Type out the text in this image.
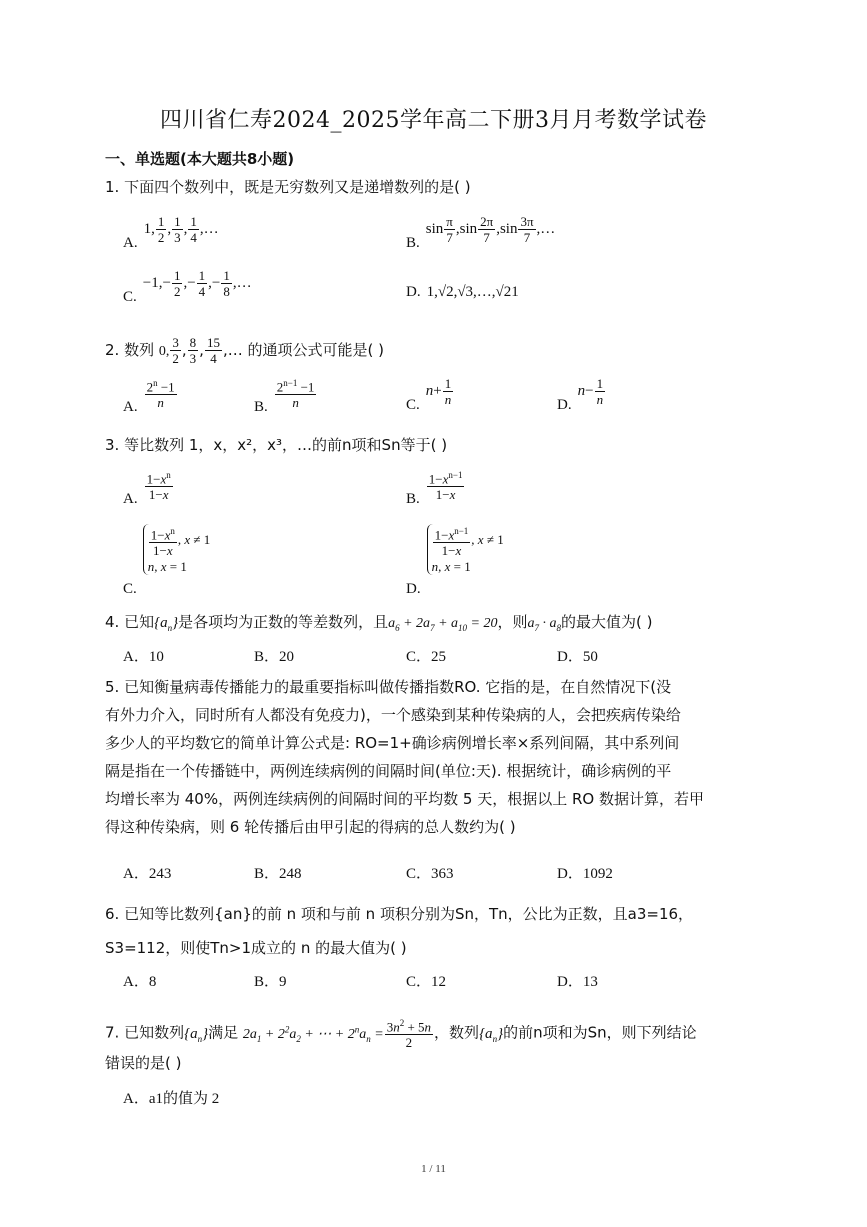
四川省仁寿2024_2025学年高二下册3月月考数学试卷
一、单选题(本大题共8小题)
1. 下面四个数列中，既是无穷数列又是递增数列的是( )
A.1, $\frac{1}{2}$ , $\frac{1}{3}$ , $\frac{1}{4}$ ,…
$B.\sin \frac{\pi}{7} ,\sin \frac{2\pi}{7} ,\sin \frac{3\pi}{7}$ ,…
$C.-1,- \frac{1}{2}$ ,− $\frac{1}{4}$ ,− $\frac{1}{8}$ ,…
D. 1,√2,√3,…,√21
2. 数列 0, $\frac{3}{2}$ , $\frac{8}{3}$ , $\frac{15}{4}$ ,… 的通项公式可能是( )
A. $\frac{2^n -1}{n}$	B. $\frac{2^{n-1} -1}{n}$	$C.n+ \frac{1}{n}$	$D.n- \frac{1}{n}$
3. 等比数列 1，x，x²，x³，…的前n项和Sn等于( )
A. $\frac{1-x^n}{1-x}$	B. $\frac{1-x^{n-1}}{1-x}$
C.
$\frac{1-x^n}{1-x}$ , x ≠ 1
n, x = 1
D.
$\frac{1-x^{n-1}}{1-x}$ , x ≠ 1
n, x = 1
4. 已知$\{a_n\}$是各项均为正数的等差数列，且$a_6 + 2a_7 + a_{10} = 20$，则$a_7 \cdot a_8$的最大值为( )
A．10	B．20	C．25	D．50
5. 已知衡量病毒传播能力的最重要指标叫做传播指数RO. 它指的是，在自然情况下(没
有外力介入，同时所有人都没有免疫力)，一个感染到某种传染病的人，会把疾病传染给
多少人的平均数它的简单计算公式是: RO=1+确诊病例增长率×系列间隔，其中系列间
隔是指在一个传播链中，两例连续病例的间隔时间(单位:天). 根据统计，确诊病例的平
均增长率为 40%，两例连续病例的间隔时间的平均数 5 天，根据以上 RO 数据计算，若甲
得这种传染病，则 6 轮传播后由甲引起的得病的总人数约为( )
A．243	B．248	C．363	D．1092
6. 已知等比数列{an}的前 n 项和与前 n 项积分别为Sn，Tn，公比为正数，且a3=16，
S3=112，则使Tn>1成立的 n 的最大值为( )
A．8	B．9	C．12	D．13
7. 已知数列$\{a_n\}$满足 $2a_1 + 2^2a_2$ + ⋯ + $2^na_n = \frac{3n^2 + 5n}{2}$ ，数列$\{a_n\}$的前n项和为Sn，则下列结论
错误的是( )
A．a1的值为 2
1 / 11
